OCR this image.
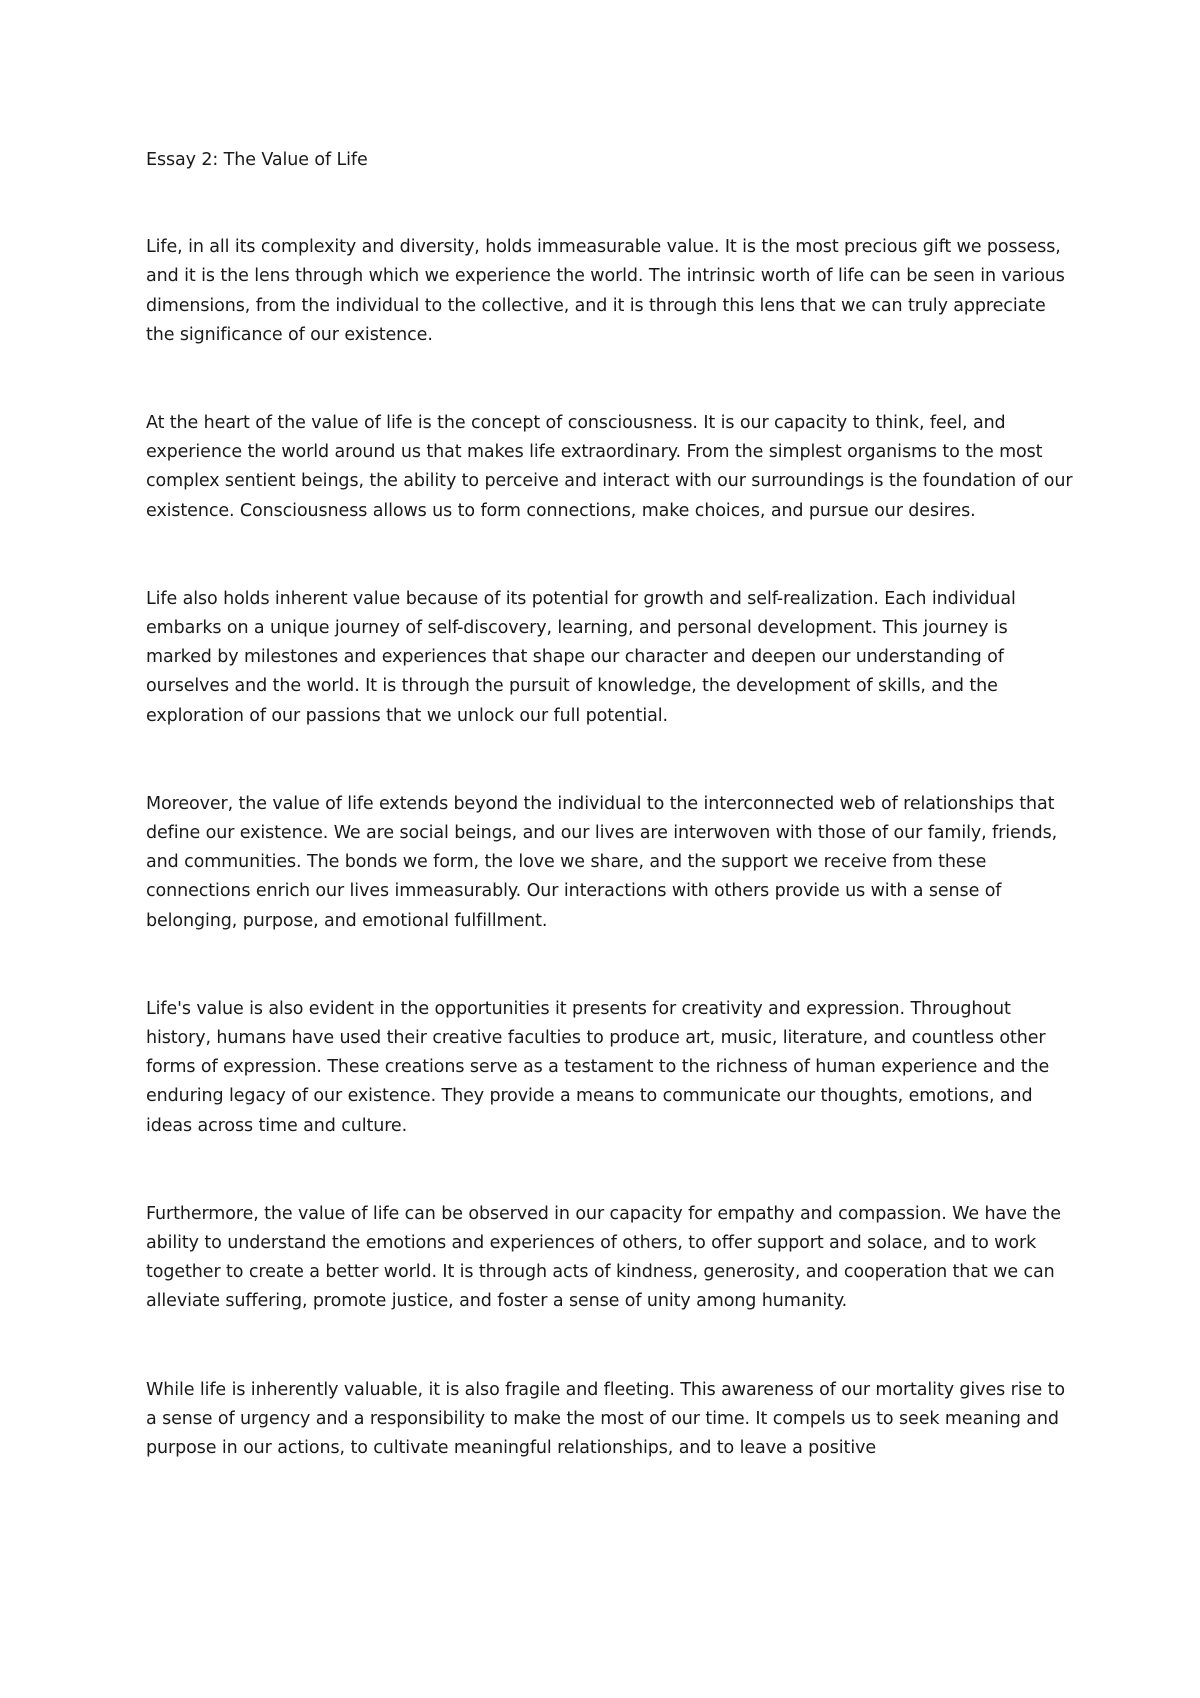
Essay 2: The Value of Life

Life, in all its complexity and diversity, holds immeasurable value. It is the most precious gift we possess, and it is the lens through which we experience the world. The intrinsic worth of life can be seen in various dimensions, from the individual to the collective, and it is through this lens that we can truly appreciate the significance of our existence.

At the heart of the value of life is the concept of consciousness. It is our capacity to think, feel, and experience the world around us that makes life extraordinary. From the simplest organisms to the most complex sentient beings, the ability to perceive and interact with our surroundings is the foundation of our existence. Consciousness allows us to form connections, make choices, and pursue our desires.

Life also holds inherent value because of its potential for growth and self-realization. Each individual embarks on a unique journey of self-discovery, learning, and personal development. This journey is marked by milestones and experiences that shape our character and deepen our understanding of ourselves and the world. It is through the pursuit of knowledge, the development of skills, and the exploration of our passions that we unlock our full potential.

Moreover, the value of life extends beyond the individual to the interconnected web of relationships that define our existence. We are social beings, and our lives are interwoven with those of our family, friends, and communities. The bonds we form, the love we share, and the support we receive from these connections enrich our lives immeasurably. Our interactions with others provide us with a sense of belonging, purpose, and emotional fulfillment.

Life's value is also evident in the opportunities it presents for creativity and expression. Throughout history, humans have used their creative faculties to produce art, music, literature, and countless other forms of expression. These creations serve as a testament to the richness of human experience and the enduring legacy of our existence. They provide a means to communicate our thoughts, emotions, and ideas across time and culture.

Furthermore, the value of life can be observed in our capacity for empathy and compassion. We have the ability to understand the emotions and experiences of others, to offer support and solace, and to work together to create a better world. It is through acts of kindness, generosity, and cooperation that we can alleviate suffering, promote justice, and foster a sense of unity among humanity.

While life is inherently valuable, it is also fragile and fleeting. This awareness of our mortality gives rise to a sense of urgency and a responsibility to make the most of our time. It compels us to seek meaning and purpose in our actions, to cultivate meaningful relationships, and to leave a positive
